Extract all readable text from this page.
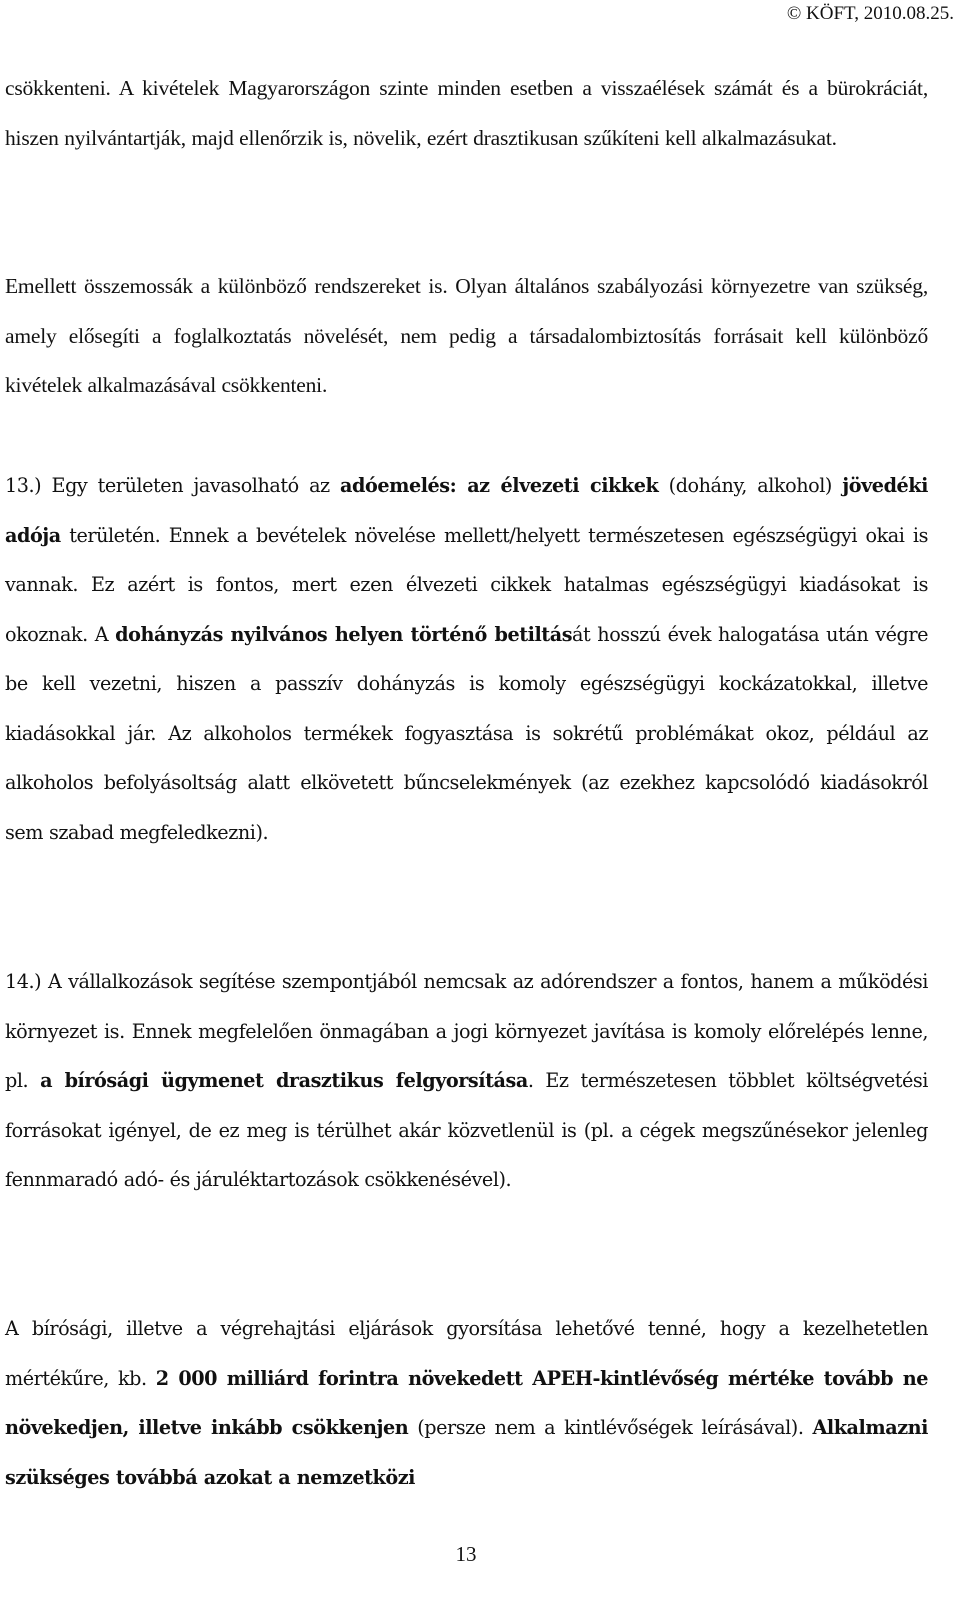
© KÖFT, 2010.08.25.

csökkenteni. A kivételek Magyarországon szinte minden esetben a visszaélések számát és a bürokráciát, hiszen nyilvántartják, majd ellenőrzik is, növelik, ezért drasztikusan szűkíteni kell alkalmazásukat.

Emellett összemossák a különböző rendszereket is. Olyan általános szabályozási környezetre van szükség, amely elősegíti a foglalkoztatás növelését, nem pedig a társadalombiztosítás forrásait kell különböző kivételek alkalmazásával csökkenteni.

13.) Egy területen javasolható az adóemelés: az élvezeti cikkek (dohány, alkohol) jövedéki adója területén. Ennek a bevételek növelése mellett/helyett természetesen egészségügyi okai is vannak. Ez azért is fontos, mert ezen élvezeti cikkek hatalmas egészségügyi kiadásokat is okoznak. A dohányzás nyilvános helyen történő betiltását hosszú évek halogatása után végre be kell vezetni, hiszen a passzív dohányzás is komoly egészségügyi kockázatokkal, illetve kiadásokkal jár. Az alkoholos termékek fogyasztása is sokrétű problémákat okoz, például az alkoholos befolyásoltság alatt elkövetett bűncselekmények (az ezekhez kapcsolódó kiadásokról sem szabad megfeledkezni).

14.) A vállalkozások segítése szempontjából nemcsak az adórendszer a fontos, hanem a működési környezet is. Ennek megfelelően önmagában a jogi környezet javítása is komoly előrelépés lenne, pl. a bírósági ügymenet drasztikus felgyorsítása. Ez természetesen többlet költségvetési forrásokat igényel, de ez meg is térülhet akár közvetlenül is (pl. a cégek megszűnésekor jelenleg fennmaradó adó- és járuléktartozások csökkenésével).

A bírósági, illetve a végrehajtási eljárások gyorsítása lehetővé tenné, hogy a kezelhetetlen mértékűre, kb. 2 000 milliárd forintra növekedett APEH-kintlévőség mértéke tovább ne növekedjen, illetve inkább csökkenjen (persze nem a kintlévőségek leírásával). Alkalmazni szükséges továbbá azokat a nemzetközi

13
